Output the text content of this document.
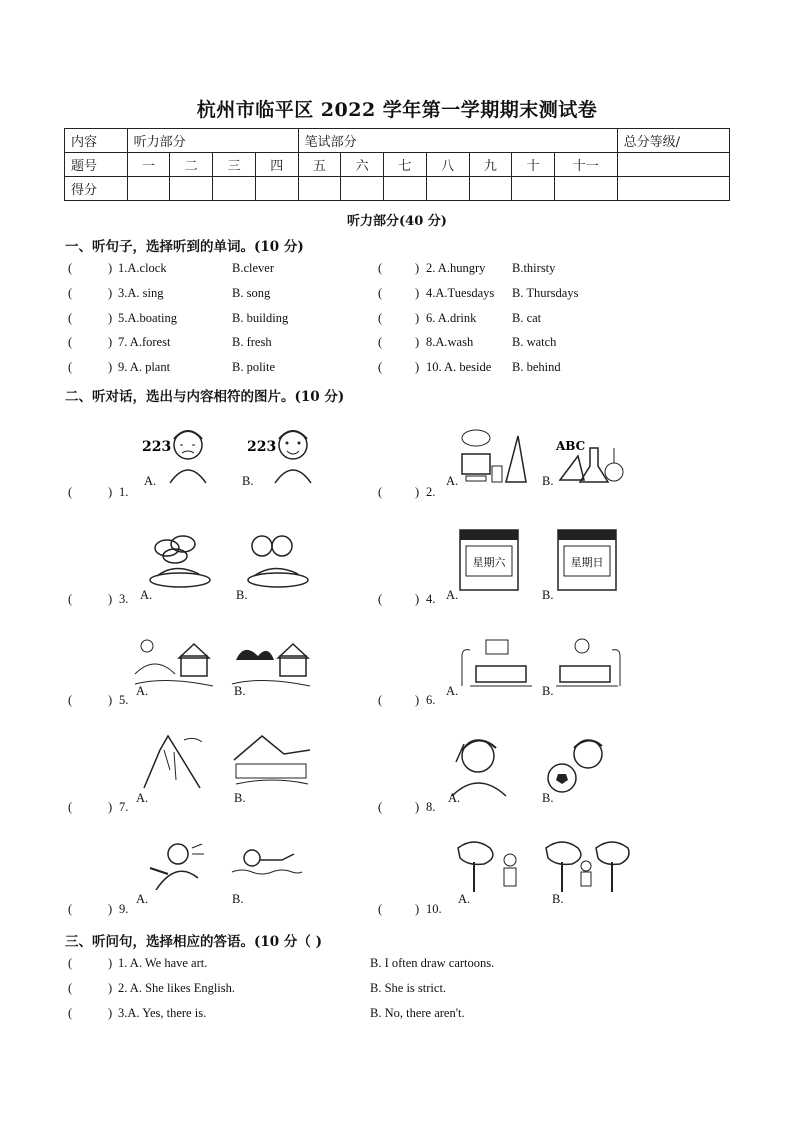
杭州市临平区 2022 学年第一学期期末测试卷
内容	听力部分				笔试部分							总分等级/
题号	一	二	三	四	五	六	七	八	九	十	十一	
得分												
听力部分(40 分)
一、听句子，选择听到的单词。(10 分)
(	) 1.A.clock	B.clever	(	) 2. A.hungry B.thirsty
(	) 3.A. sing	B. song	(	) 4.A.Tuesdays B. Thursdays
(	) 5.A.boating	B. building	(	) 6. A.drink	B. cat
(	) 7. A.forest	B. fresh	(	) 8.A.wash	B. watch
(	) 9. A. plant	B. polite	(	) 10. A. beside B. behind
二、听对话，选出与内容相符的图片。(10 分)
223	223	ABC
星期六	星期日
(	) 1.	(	) 2.
A.	B.	A.	B.
(	) 3.	(	) 4.
A.	B.	A.	B.
(	) 5.	(	) 6.
A.	B.	A.	B.
(	) 7.	(	) 8.
A.	B.	A.	B.
(	) 9.	(	) 10.
A.	B.	A.	B.
三、听问句，选择相应的答语。(10 分（ )
(	) 1. A. We have art.	B. I often draw cartoons.
(	) 2. A. She likes English.	B. She is strict.
(	) 3.A. Yes, there is.	B. No, there aren't.
